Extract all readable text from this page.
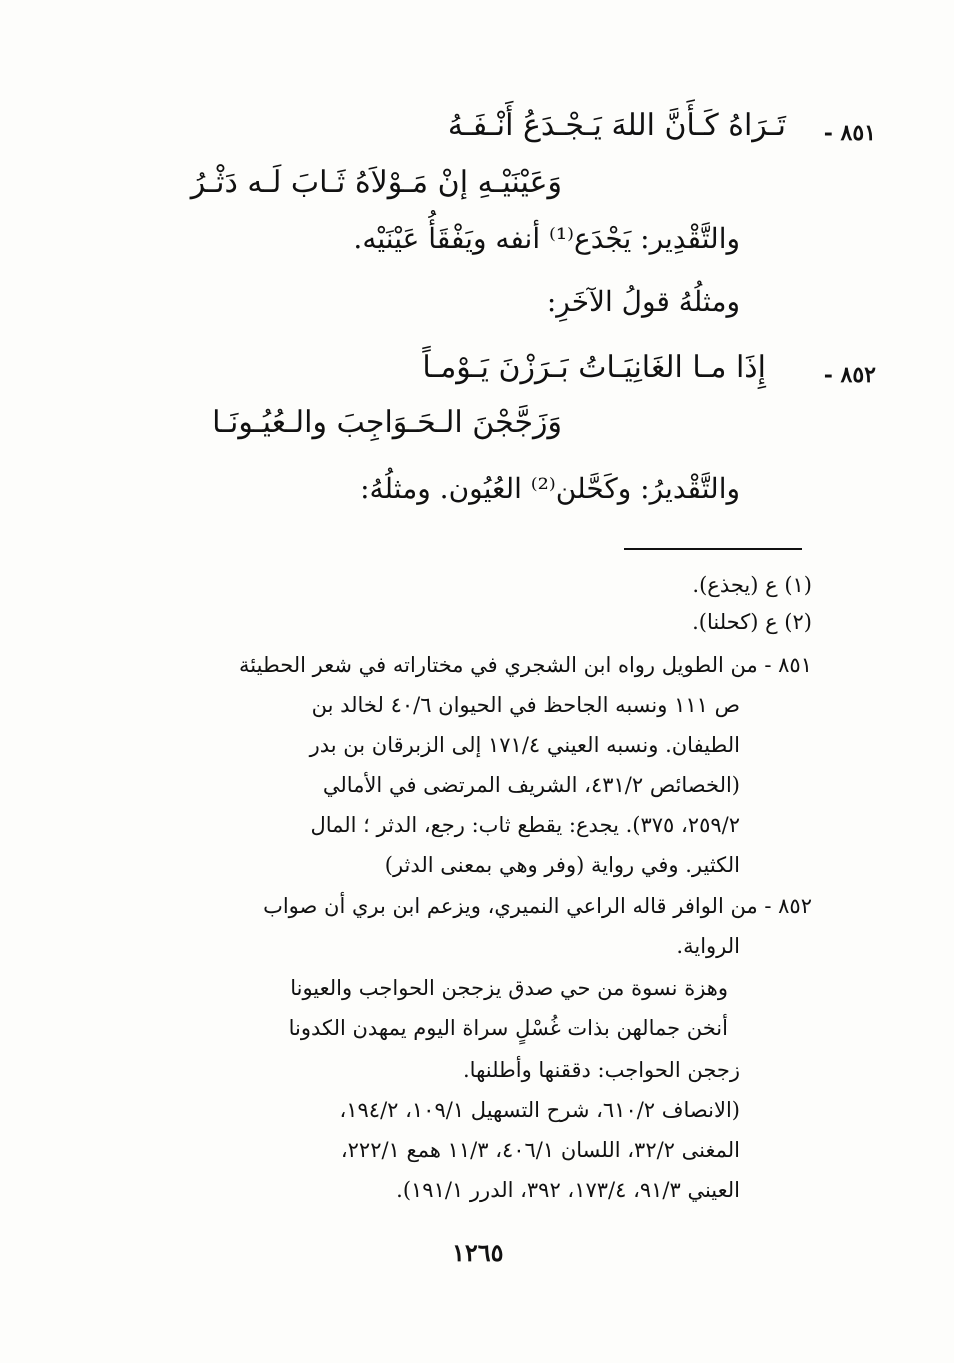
٨٥١ -
تَـرَاهُ كَـأَنَّ اللهَ يَـجْـدَعُ أَنْـفَـهُ
وَعَيْنَيْـهِ إنْ مَـوْلاَهُ ثَـابَ لَـه دَثْـرُ
والتَّقْدِير: يَجْدَع⁽¹⁾ أنفه ويَفْقَأُ عَيْنَيْه.
ومثلُهُ قولُ الآخَرِ:
٨٥٢ -
إِذَا مـا الغَانِيَـاتُ بَـرَزْنَ يَـوْمـاً
وَزَجَّجْنَ الـحَـوَاجِبَ والـعُيُـونَـا
والتَّقْديرُ: وكَحَّلن⁽²⁾ العُيُون. ومثلُهُ:
(١) ع (يجذع).
(٢) ع (كحلنا).
٨٥١ - من الطويل رواه ابن الشجري في مختاراته في شعر الحطيئة
ص ١١١ ونسبه الجاحظ في الحيوان ٤٠/٦ لخالد بن
الطيفان. ونسبه العيني ١٧١/٤ إلى الزبرقان بن بدر
(الخصائص ٤٣١/٢، الشريف المرتضى في الأمالي
٢٥٩/٢، ٣٧٥). يجدع: يقطع ثاب: رجع، الدثر ؛ المال
الكثير. وفي رواية (وفر وهي بمعنى الدثر)
٨٥٢ - من الوافر قاله الراعي النميري، ويزعم ابن بري أن صواب
الرواية.
وهزة نسوة من حي صدق يزججن الحواجب والعيونا
أنخن جمالهن بذات غُسْلٍ سراة اليوم يمهدن الكدونا
زججن الحواجب: دققنها وأطلنها.
(الانصاف ٦١٠/٢، شرح التسهيل ١٠٩/١، ١٩٤/٢،
المغنى ٣٢/٢، اللسان ٤٠٦/١، ١١/٣ همع ٢٢٢/١،
العيني ٩١/٣، ١٧٣/٤، ٣٩٢، الدرر ١٩١/١).
١٢٦٥
